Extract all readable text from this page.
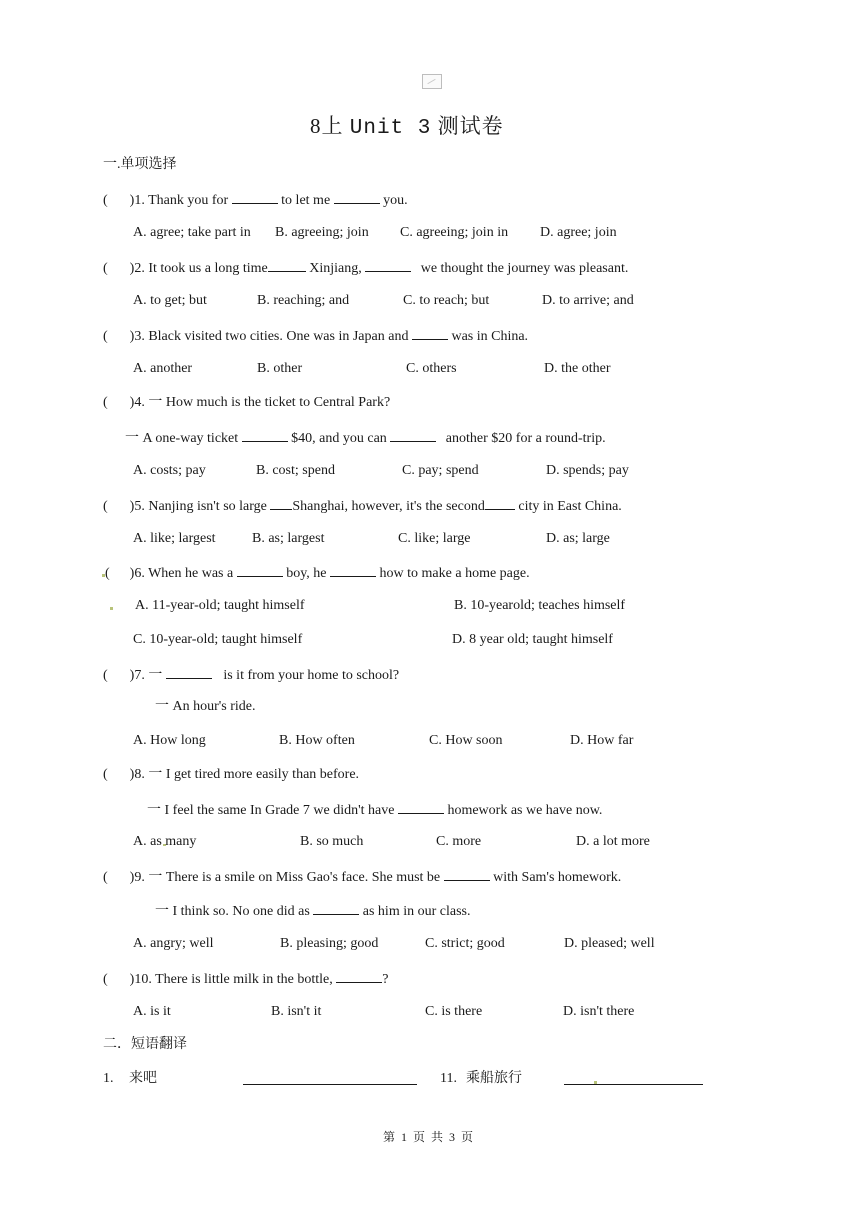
8上 Unit 3 测试卷
一.单项选择
( )1. Thank you for	to let me	you.
A. agree; take part in B. agreeing; join C. agreeing; join in D. agree; join
( )2. It took us a long time	Xinjiang,	we thought the journey was pleasant.
A. to get; but	B. reaching; and	C. to reach; but	D. to arrive; and
( )3. Black visited two cities. One was in Japan and	was in China.
A. another	B. other	C. others	D. the other
( )4. 一 How much is the ticket to Central Park?
一 A one-way ticket	$40, and you can	another $20 for a round-trip.
A. costs; pay	B. cost; spend	C. pay; spend	D. spends; pay
( )5. Nanjing isn't so large Shanghai, however, it's the second city in East China.
A. like; largest	B. as; largest	C. like; large	D. as; large
( )6. When he was a	boy, he	how to make a home page.
A. 11-year-old; taught himself	B. 10-yearold; teaches himself
C. 10-year-old; taught himself	D. 8 year old; taught himself
( )7. 一	is it from your home to school?
一 An hour's ride.
A. How long	B. How often	C. How soon	D. How far
( )8. 一 I get tired more easily than before.
一 I feel the same In Grade 7 we didn't have	homework as we have now.
A. as many	B. so much	C. more	D. a lot more
( )9. 一 There is a smile on Miss Gao's face. She must be	with Sam's homework.
一 I think so. No one did as	as him in our class.
A. angry; well	B. pleasing; good	C. strict; good	D. pleased; well
( )10. There is little milk in the bottle,	?
A. is it	B. isn't it	C. is there	D. isn't there
二．短语翻译
1. 来吧	11. 乘船旅行
第 1 页 共 3 页
